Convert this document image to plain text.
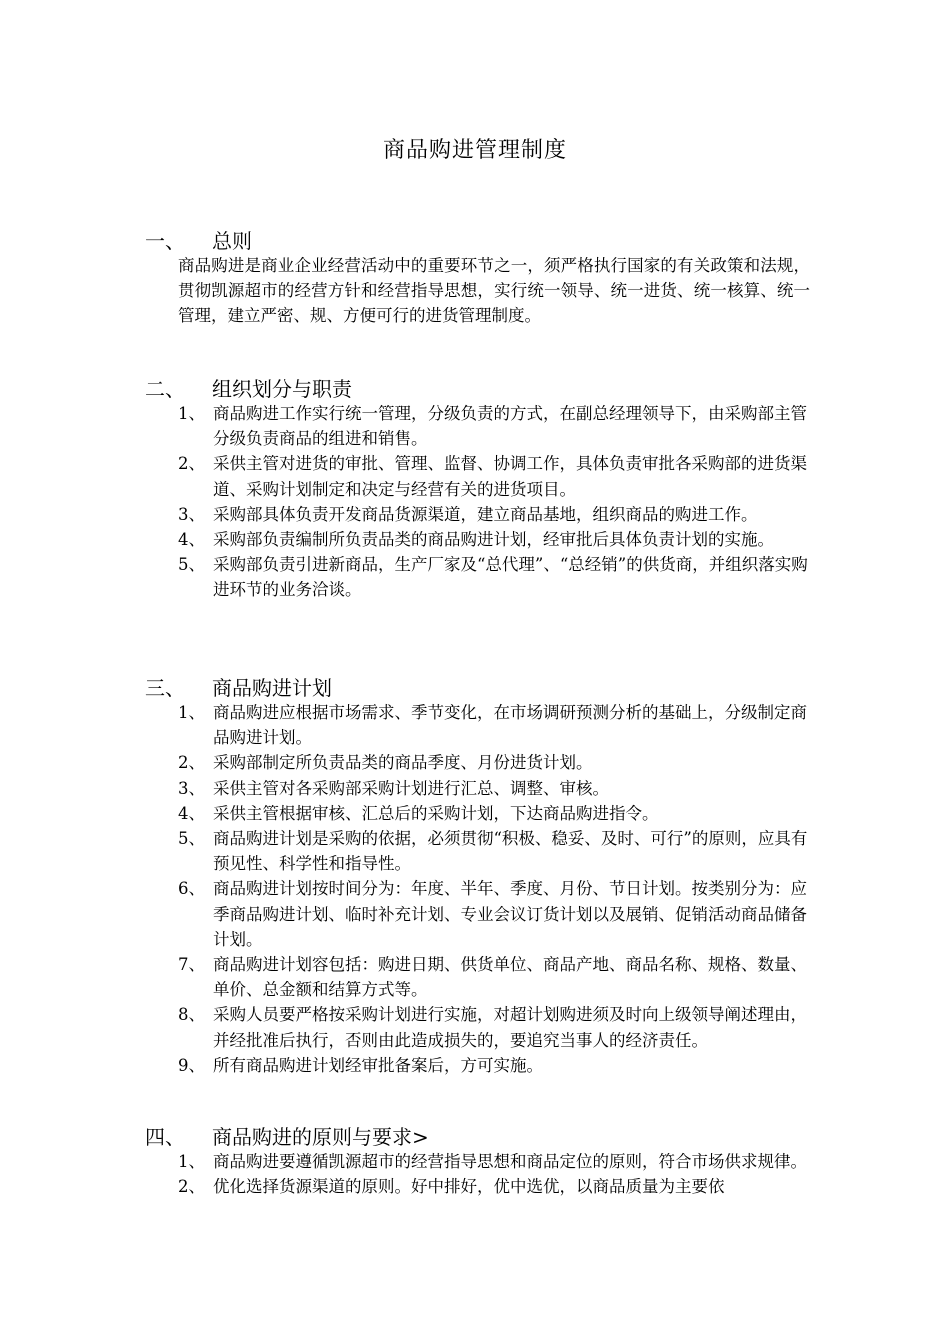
商品购进管理制度
一、 总则
商品购进是商业企业经营活动中的重要环节之一，须严格执行国家的有关政策和法规，贯彻凯源超市的经营方针和经营指导思想，实行统一领导、统一进货、统一核算、统一管理，建立严密、规、方便可行的进货管理制度。
二、 组织划分与职责
1、 商品购进工作实行统一管理，分级负责的方式，在副总经理领导下，由采购部主管分级负责商品的组进和销售。
2、 采供主管对进货的审批、管理、监督、协调工作，具体负责审批各采购部的进货渠道、采购计划制定和决定与经营有关的进货项目。
3、 采购部具体负责开发商品货源渠道，建立商品基地，组织商品的购进工作。
4、 采购部负责编制所负责品类的商品购进计划，经审批后具体负责计划的实施。
5、 采购部负责引进新商品，生产厂家及“总代理”、“总经销”的供货商，并组织落实购进环节的业务洽谈。
三、 商品购进计划
1、 商品购进应根据市场需求、季节变化，在市场调研预测分析的基础上，分级制定商品购进计划。
2、 采购部制定所负责品类的商品季度、月份进货计划。
3、 采供主管对各采购部采购计划进行汇总、调整、审核。
4、 采供主管根据审核、汇总后的采购计划，下达商品购进指令。
5、 商品购进计划是采购的依据，必须贯彻“积极、稳妥、及时、可行”的原则，应具有预见性、科学性和指导性。
6、 商品购进计划按时间分为：年度、半年、季度、月份、节日计划。按类别分为：应季商品购进计划、临时补充计划、专业会议订货计划以及展销、促销活动商品储备计划。
7、 商品购进计划容包括：购进日期、供货单位、商品产地、商品名称、规格、数量、单价、总金额和结算方式等。
8、 采购人员要严格按采购计划进行实施，对超计划购进须及时向上级领导阐述理由，并经批准后执行，否则由此造成损失的，要追究当事人的经济责任。
9、 所有商品购进计划经审批备案后，方可实施。
四、 商品购进的原则与要求>
1、 商品购进要遵循凯源超市的经营指导思想和商品定位的原则，符合市场供求规律。
2、 优化选择货源渠道的原则。好中排好，优中选优，以商品质量为主要依
